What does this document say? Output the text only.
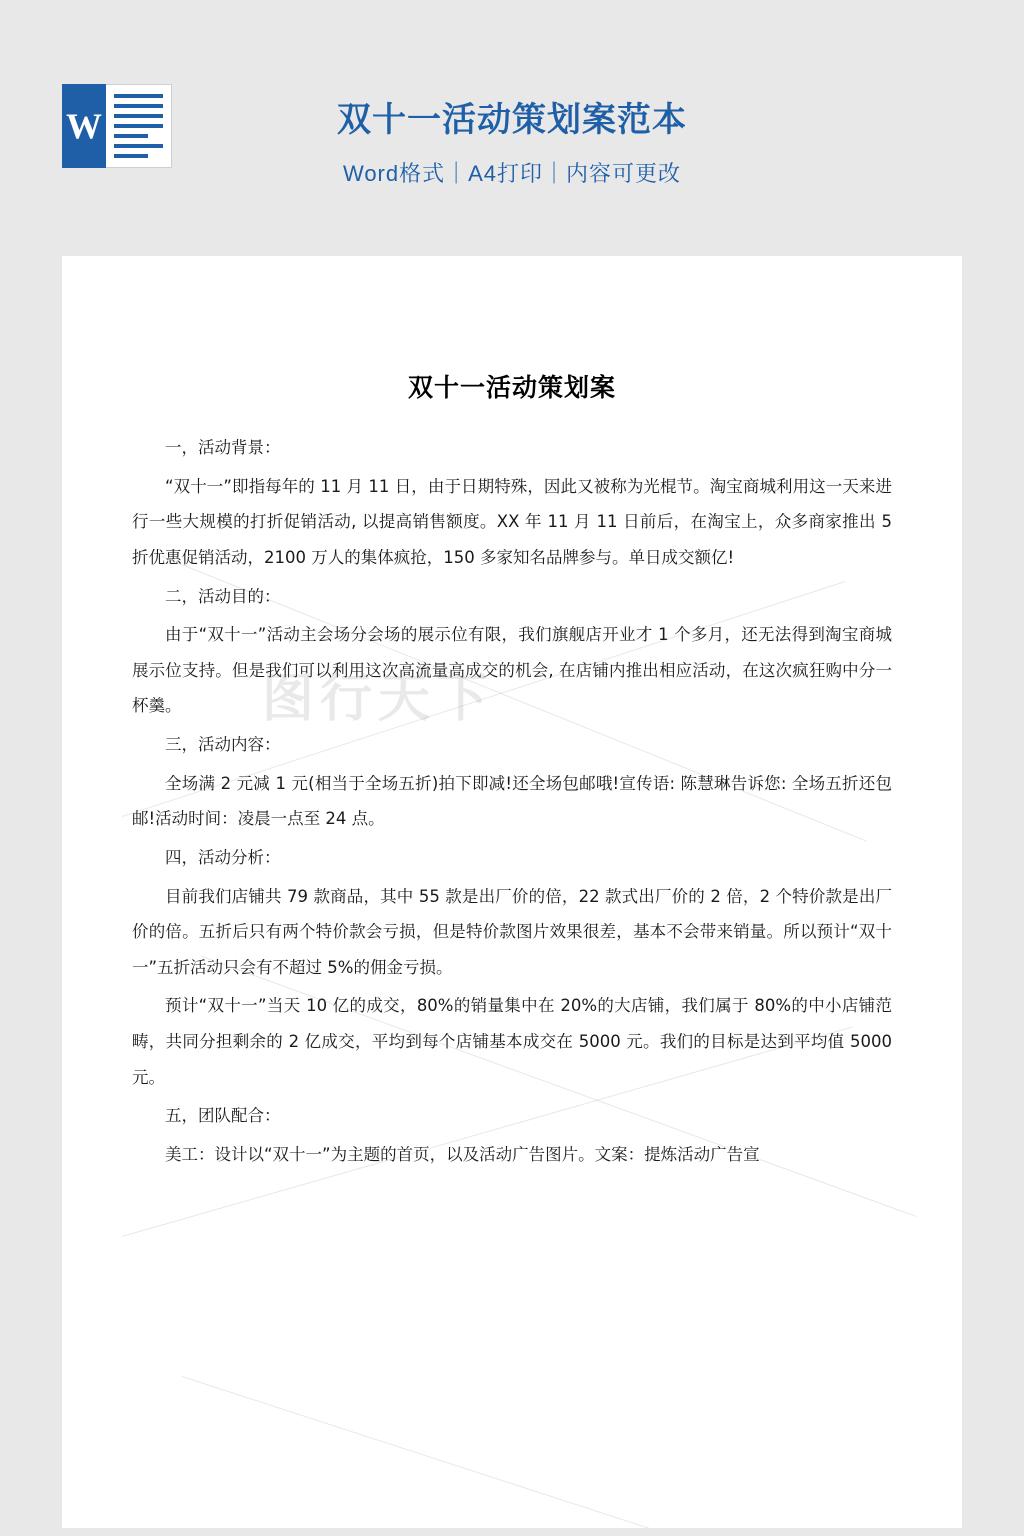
W	双十一活动策划案范本
Word格式｜A4打印｜内容可更改
图行天下
双十一活动策划案

一，活动背景：

“双十一”即指每年的 11 月 11 日，由于日期特殊，因此又被称为光棍节。淘宝商城利用这一天来进行一些大规模的打折促销活动, 以提高销售额度。XX 年 11 月 11 日前后，在淘宝上，众多商家推出 5 折优惠促销活动，2100 万人的集体疯抢，150 多家知名品牌参与。单日成交额亿!

二，活动目的：

由于“双十一”活动主会场分会场的展示位有限，我们旗舰店开业才 1 个多月，还无法得到淘宝商城展示位支持。但是我们可以利用这次高流量高成交的机会, 在店铺内推出相应活动，在这次疯狂购中分一杯羹。

三，活动内容：

全场满 2 元减 1 元(相当于全场五折)拍下即减!还全场包邮哦!宣传语: 陈慧琳告诉您: 全场五折还包邮!活动时间：凌晨一点至 24 点。

四，活动分析：

目前我们店铺共 79 款商品，其中 55 款是出厂价的倍，22 款式出厂价的 2 倍，2 个特价款是出厂价的倍。五折后只有两个特价款会亏损，但是特价款图片效果很差，基本不会带来销量。所以预计“双十一”五折活动只会有不超过 5%的佣金亏损。

预计“双十一”当天 10 亿的成交，80%的销量集中在 20%的大店铺，我们属于 80%的中小店铺范畴，共同分担剩余的 2 亿成交，平均到每个店铺基本成交在 5000 元。我们的目标是达到平均值 5000 元。

五，团队配合：

美工：设计以“双十一”为主题的首页，以及活动广告图片。文案：提炼活动广告宣
